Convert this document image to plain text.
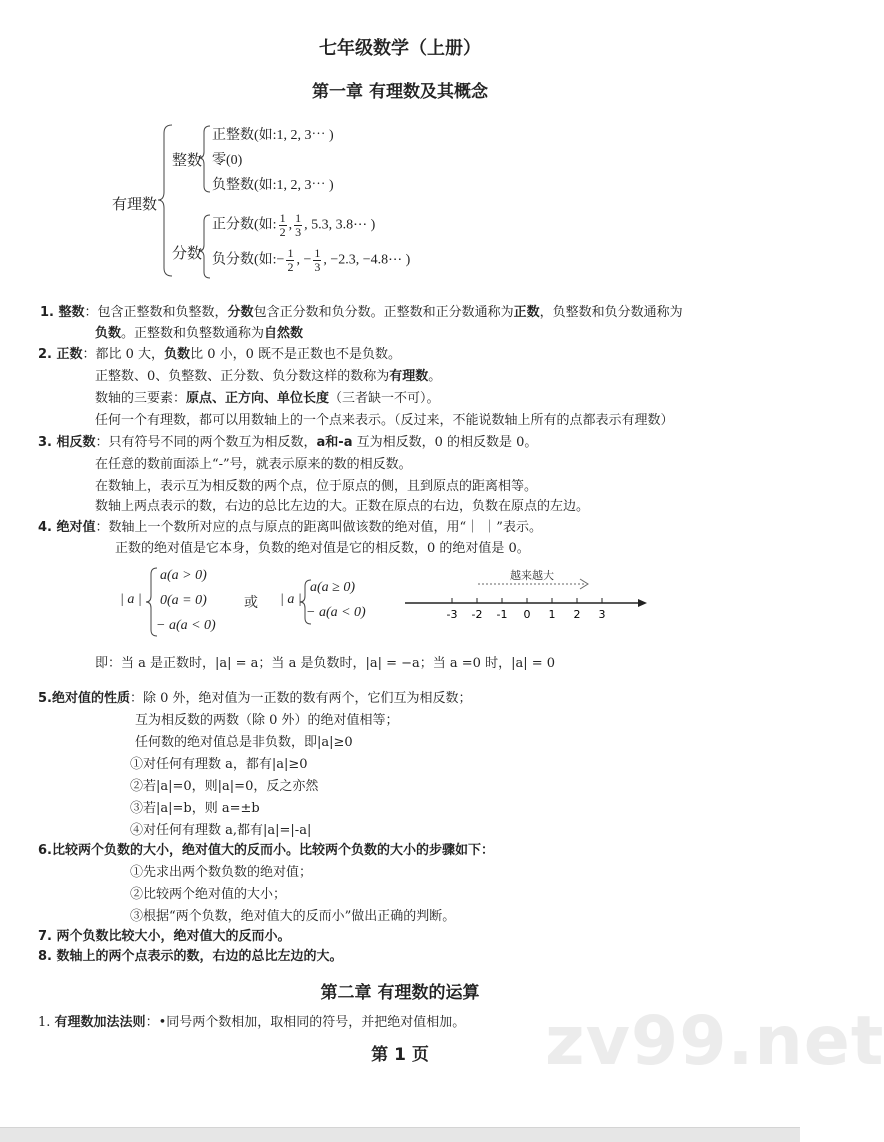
zv99.net
七年级数学（上册）
第一章 有理数及其概念
有理数
整数
正整数(如:1, 2, 3⋯ )
零(0)
负整数(如:1, 2, 3⋯ )
分数
正分数(如: $\frac{1}{2}$ , $\frac{1}{3}$ , 5.3, 3.8⋯ )
负分数(如:− $\frac{1}{2}$ , − $\frac{1}{3}$ , −2.3, −4.8⋯ )
1. 整数：包含正整数和负整数，分数包含正分数和负分数。正整数和正分数通称为正数，负整数和负分数通称为
负数。正整数和负整数通称为自然数
2. 正数：都比 0 大，负数比 0 小，0 既不是正数也不是负数。
正整数、0、负整数、正分数、负分数这样的数称为有理数。
数轴的三要素：原点、正方向、单位长度（三者缺一不可）。
任何一个有理数，都可以用数轴上的一个点来表示。（反过来，不能说数轴上所有的点都表示有理数）
3. 相反数：只有符号不同的两个数互为相反数，a和-a 互为相反数，0 的相反数是 0。
在任意的数前面添上“-”号，就表示原来的数的相反数。
在数轴上，表示互为相反数的两个点，位于原点的侧，且到原点的距离相等。
数轴上两点表示的数，右边的总比左边的大。正数在原点的右边，负数在原点的左边。
4. 绝对值：数轴上一个数所对应的点与原点的距离叫做该数的绝对值，用“｜ ｜”表示。
正数的绝对值是它本身，负数的绝对值是它的相反数，0 的绝对值是 0。
| a |
a(a > 0)
0(a = 0)
− a(a < 0)
或 | a |
a(a ≥ 0)
− a(a < 0)
越来越大
-3 -2 -1 0 1 2 3
即：当 a 是正数时，|a| = a；当 a 是负数时，|a| = −a；当 a =0 时，|a| = 0
5.绝对值的性质：除 0 外，绝对值为一正数的数有两个，它们互为相反数；
互为相反数的两数（除 0 外）的绝对值相等；
任何数的绝对值总是非负数，即|a|≥0
①对任何有理数 a，都有|a|≥0
②若|a|=0，则|a|=0，反之亦然
③若|a|=b，则 a=±b
④对任何有理数 a,都有|a|=|-a|
6.比较两个负数的大小，绝对值大的反而小。比较两个负数的大小的步骤如下：
①先求出两个数负数的绝对值；
②比较两个绝对值的大小；
③根据“两个负数，绝对值大的反而小”做出正确的判断。
7. 两个负数比较大小，绝对值大的反而小。
8. 数轴上的两个点表示的数，右边的总比左边的大。
第二章 有理数的运算
1. 有理数加法法则：•同号两个数相加，取相同的符号，并把绝对值相加。
第 1 页
